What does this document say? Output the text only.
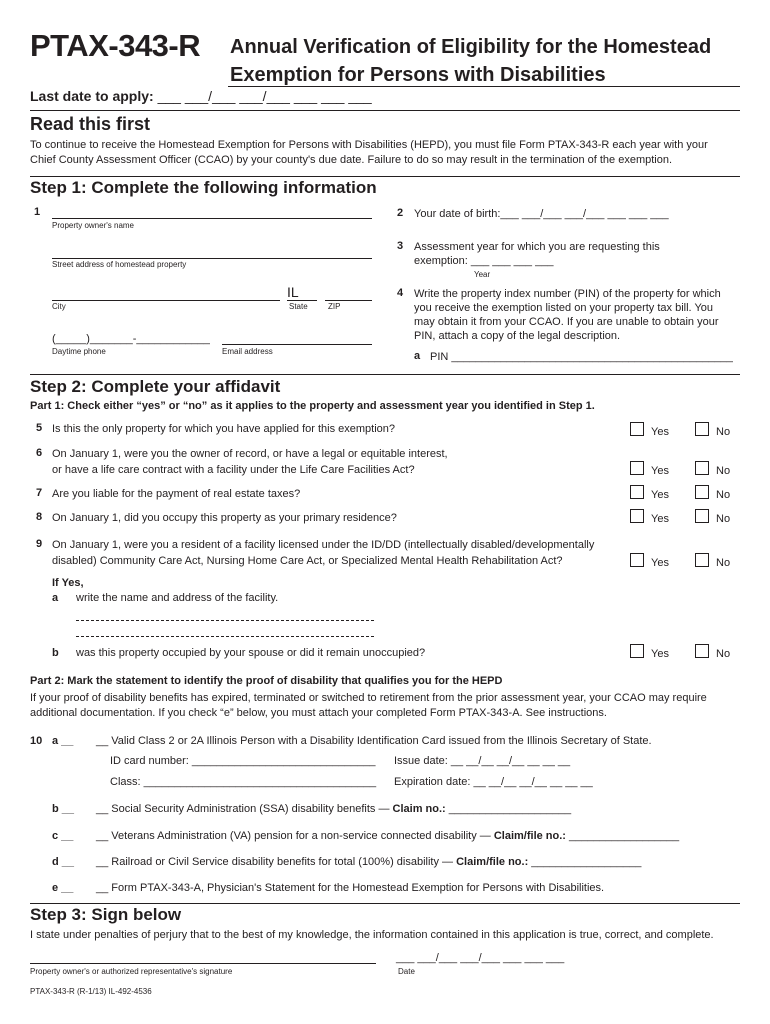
PTAX-343-R Annual Verification of Eligibility for the Homestead
Exemption for Persons with Disabilities
Last date to apply: ___ ___/___ ___/___ ___ ___ ___
Read this first
To continue to receive the Homestead Exemption for Persons with Disabilities (HEPD), you must file Form PTAX-343-R each year with your
Chief County Assessment Officer (CCAO) by your county's due date. Failure to do so may result in the termination of the exemption.
Step 1: Complete the following information
1
Property owner's name
Street address of homestead property
IL
City	State	ZIP
(_____)_______-____________
Daytime phone	Email address
2 Your date of birth:___ ___/___ ___/___ ___ ___ ___
3 Assessment year for which you are requesting this
exemption: ___ ___ ___ ___
Year
4 Write the property index number (PIN) of the property for which
you receive the exemption listed on your property tax bill. You
may obtain it from your CCAO. If you are unable to obtain your
PIN, attach a copy of the legal description.
a PIN ______________________________________________
Step 2: Complete your affidavit
Part 1: Check either “yes” or “no” as it applies to the property and assessment year you identified in Step 1.
5 Is this the only property for which you have applied for this exemption?	Yes	No
6 On January 1, were you the owner of record, or have a legal or equitable interest,
or have a life care contract with a facility under the Life Care Facilities Act?	Yes	No
7 Are you liable for the payment of real estate taxes?	Yes	No
8 On January 1, did you occupy this property as your primary residence?	Yes	No
9 On January 1, were you a resident of a facility licensed under the ID/DD (intellectually disabled/developmentally
disabled) Community Care Act, Nursing Home Care Act, or Specialized Mental Health Rehabilitation Act?	Yes	No
If Yes,
a write the name and address of the facility.
b was this property occupied by your spouse or did it remain unoccupied?	Yes	No
Part 2: Mark the statement to identify the proof of disability that qualifies you for the HEPD
If your proof of disability benefits has expired, terminated or switched to retirement from the prior assessment year, your CCAO may require
additional documentation. If you check “e” below, you must attach your completed Form PTAX-343-A. See instructions.
10 a __ __ Valid Class 2 or 2A Illinois Person with a Disability Identification Card issued from the Illinois Secretary of State.
ID card number: ______________________________ Issue date: __ __/__ __/__ __ __ __
Class: ______________________________________ Expiration date: __ __/__ __/__ __ __ __
b __ __ Social Security Administration (SSA) disability benefits — Claim no.: ____________________
c __ __ Veterans Administration (VA) pension for a non-service connected disability — Claim/file no.: __________________
d __ __ Railroad or Civil Service disability benefits for total (100%) disability — Claim/file no.: __________________
e __ __ Form PTAX-343-A, Physician's Statement for the Homestead Exemption for Persons with Disabilities.
Step 3: Sign below
I state under penalties of perjury that to the best of my knowledge, the information contained in this application is true, correct, and complete.
___ ___/___ ___/___ ___ ___ ___
Property owner's or authorized representative's signature	Date
PTAX-343-R (R-1/13) IL-492-4536
